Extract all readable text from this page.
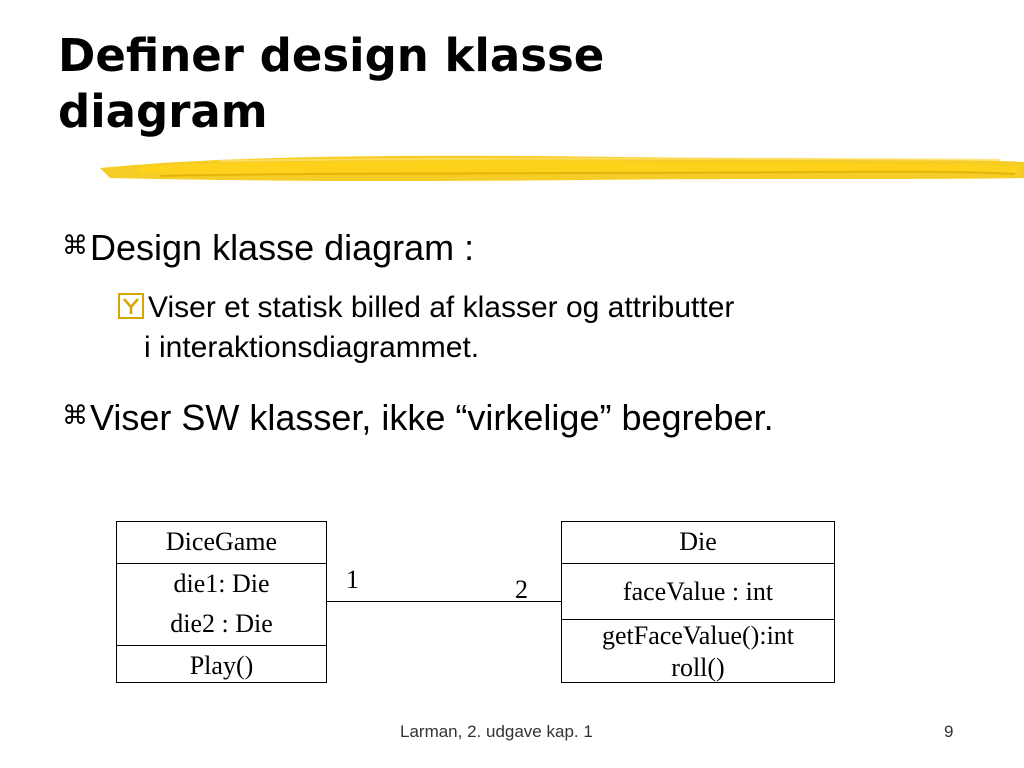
Definer design klasse
diagram
⌘Design klasse diagram :
Viser et statisk billed af klasser og attributter
i interaktionsdiagrammet.
⌘Viser SW klasser, ikke “virkelige” begreber.
DiceGame
die1: Die
die2 : Die
Play()
Die
faceValue : int
getFaceValue():int
roll()
1	2
Larman, 2. udgave kap. 1	9
